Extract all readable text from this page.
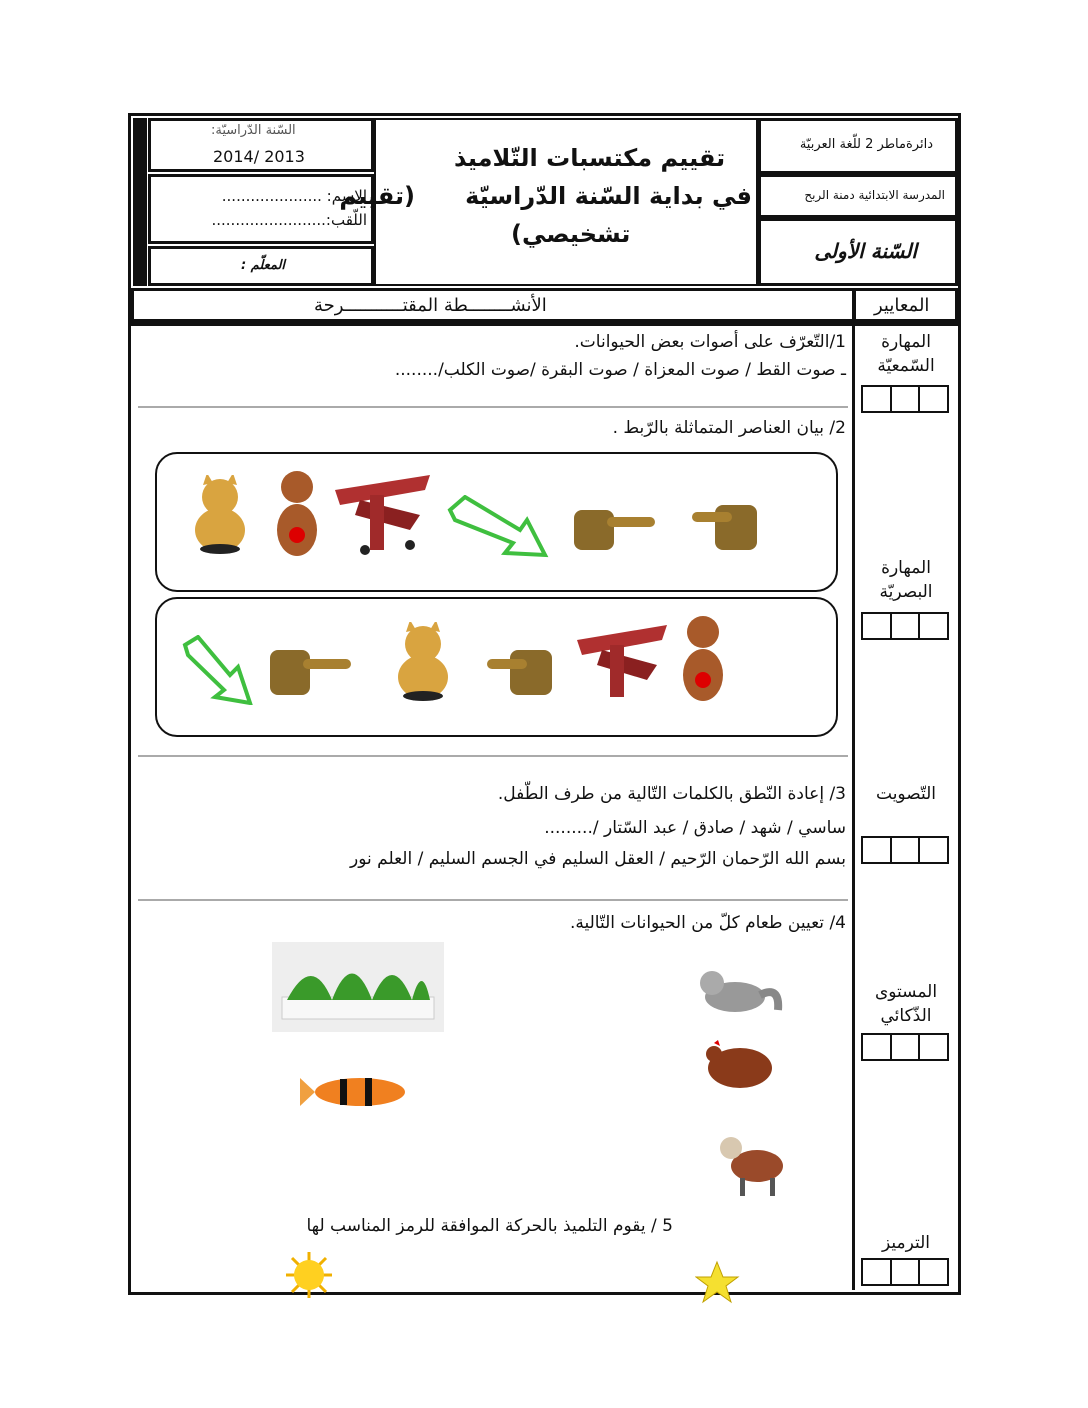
السّنة الدّراسيّة:
2014/ 2013
الاسم: .....................
اللّقب:........................
المعلّم :
تقييم مكتسبات التّلاميذ
في بداية السّنة الدّراسيّة      (تقييم
تشخيصي)
دائرةماطر 2 للّغة العربيّة
المدرسة الابتدائية دمنة الربح
السّنة الأولى
الأنشــــــــطة المقتـــــــــــرحة	المعايير
المهارة
السّمعيّة
المهارة
البصريّة
التّصويت
المستوى
الذّكائي
الترميز
1/التّعرّف على أصوات بعض الحيوانات.
ـ صوت القط / صوت المعزاة / صوت البقرة /صوت الكلب/........
2/ بيان العناصر المتماثلة بالرّبط .
3/ إعادة النّطق بالكلمات التّالية من طرف الطّفل.
ساسي / شهد / صادق / عبد السّتار /.........
بسم الله الرّحمان الرّحيم / العقل السليم في الجسم السليم / العلم نور
4/ تعيين طعام كلّ من الحيوانات التّالية.
5 / يقوم التلميذ بالحركة الموافقة للرمز المناسب لها
